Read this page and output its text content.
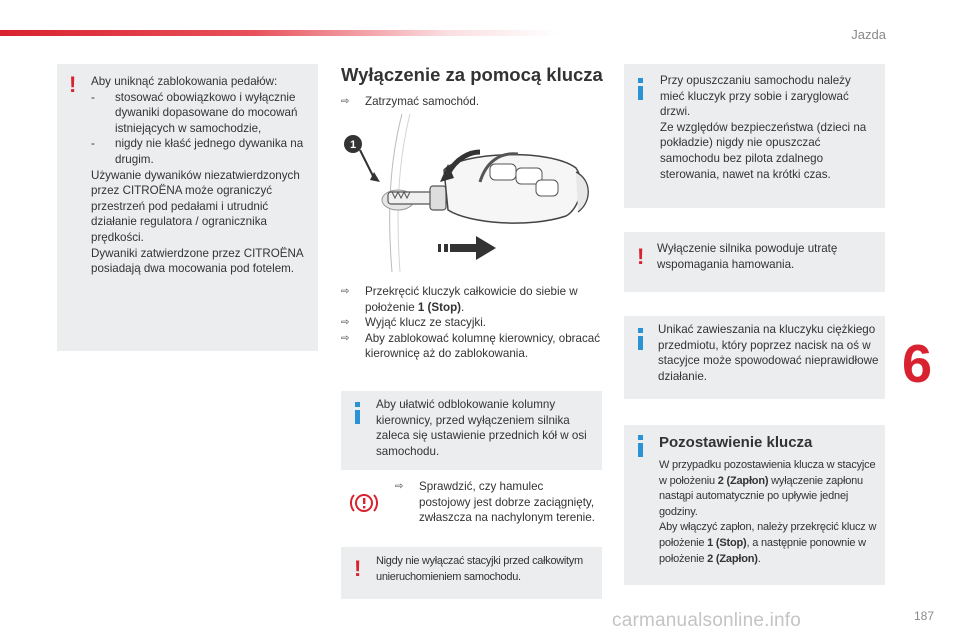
Jazda
! Aby uniknąć zablokowania pedałów:

- stosować obowiązkowo i wyłącznie dywaniki dopasowane do mocowań istniejących w samochodzie,
- nigdy nie kłaść jednego dywanika na drugim.

Używanie dywaników niezatwierdzonych przez CITROËNA może ograniczyć przestrzeń pod pedałami i utrudnić działanie regulatora / ogranicznika prędkości.

Dywaniki zatwierdzone przez CITROËNA posiadają dwa mocowania pod fotelem.

Wyłączenie za pomocą klucza
⇨ Zatrzymać samochód.
1
⇨ Przekręcić kluczyk całkowicie do siebie w położenie 1 (Stop).
⇨ Wyjąć klucz ze stacyjki.
⇨ Aby zablokować kolumnę kierownicy, obracać kierownicę aż do zablokowania.

Aby ułatwić odblokowanie kolumny kierownicy, przed wyłączeniem silnika zaleca się ustawienie przednich kół w osi samochodu.

⇨ Sprawdzić, czy hamulec postojowy jest dobrze zaciągnięty, zwłaszcza na nachylonym terenie.
! Nigdy nie wyłączać stacyjki przed całkowitym unieruchomieniem samochodu.

Przy opuszczaniu samochodu należy mieć kluczyk przy sobie i zaryglować drzwi.
Ze względów bezpieczeństwa (dzieci na pokładzie) nigdy nie opuszczać samochodu bez pilota zdalnego sterowania, nawet na krótki czas.

! Wyłączenie silnika powoduje utratę wspomagania hamowania.

Unikać zawieszania na kluczyku ciężkiego przedmiotu, który poprzez nacisk na oś w stacyjce może spowodować nieprawidłowe działanie.

Pozostawienie klucza

W przypadku pozostawienia klucza w stacyjce w położeniu 2 (Zapłon) wyłączenie zapłonu nastąpi automatycznie po upływie jednej godziny.
Aby włączyć zapłon, należy przekręcić klucz w położenie 1 (Stop), a następnie ponownie w położenie 2 (Zapłon).

6
carmanualsonline.info	187
